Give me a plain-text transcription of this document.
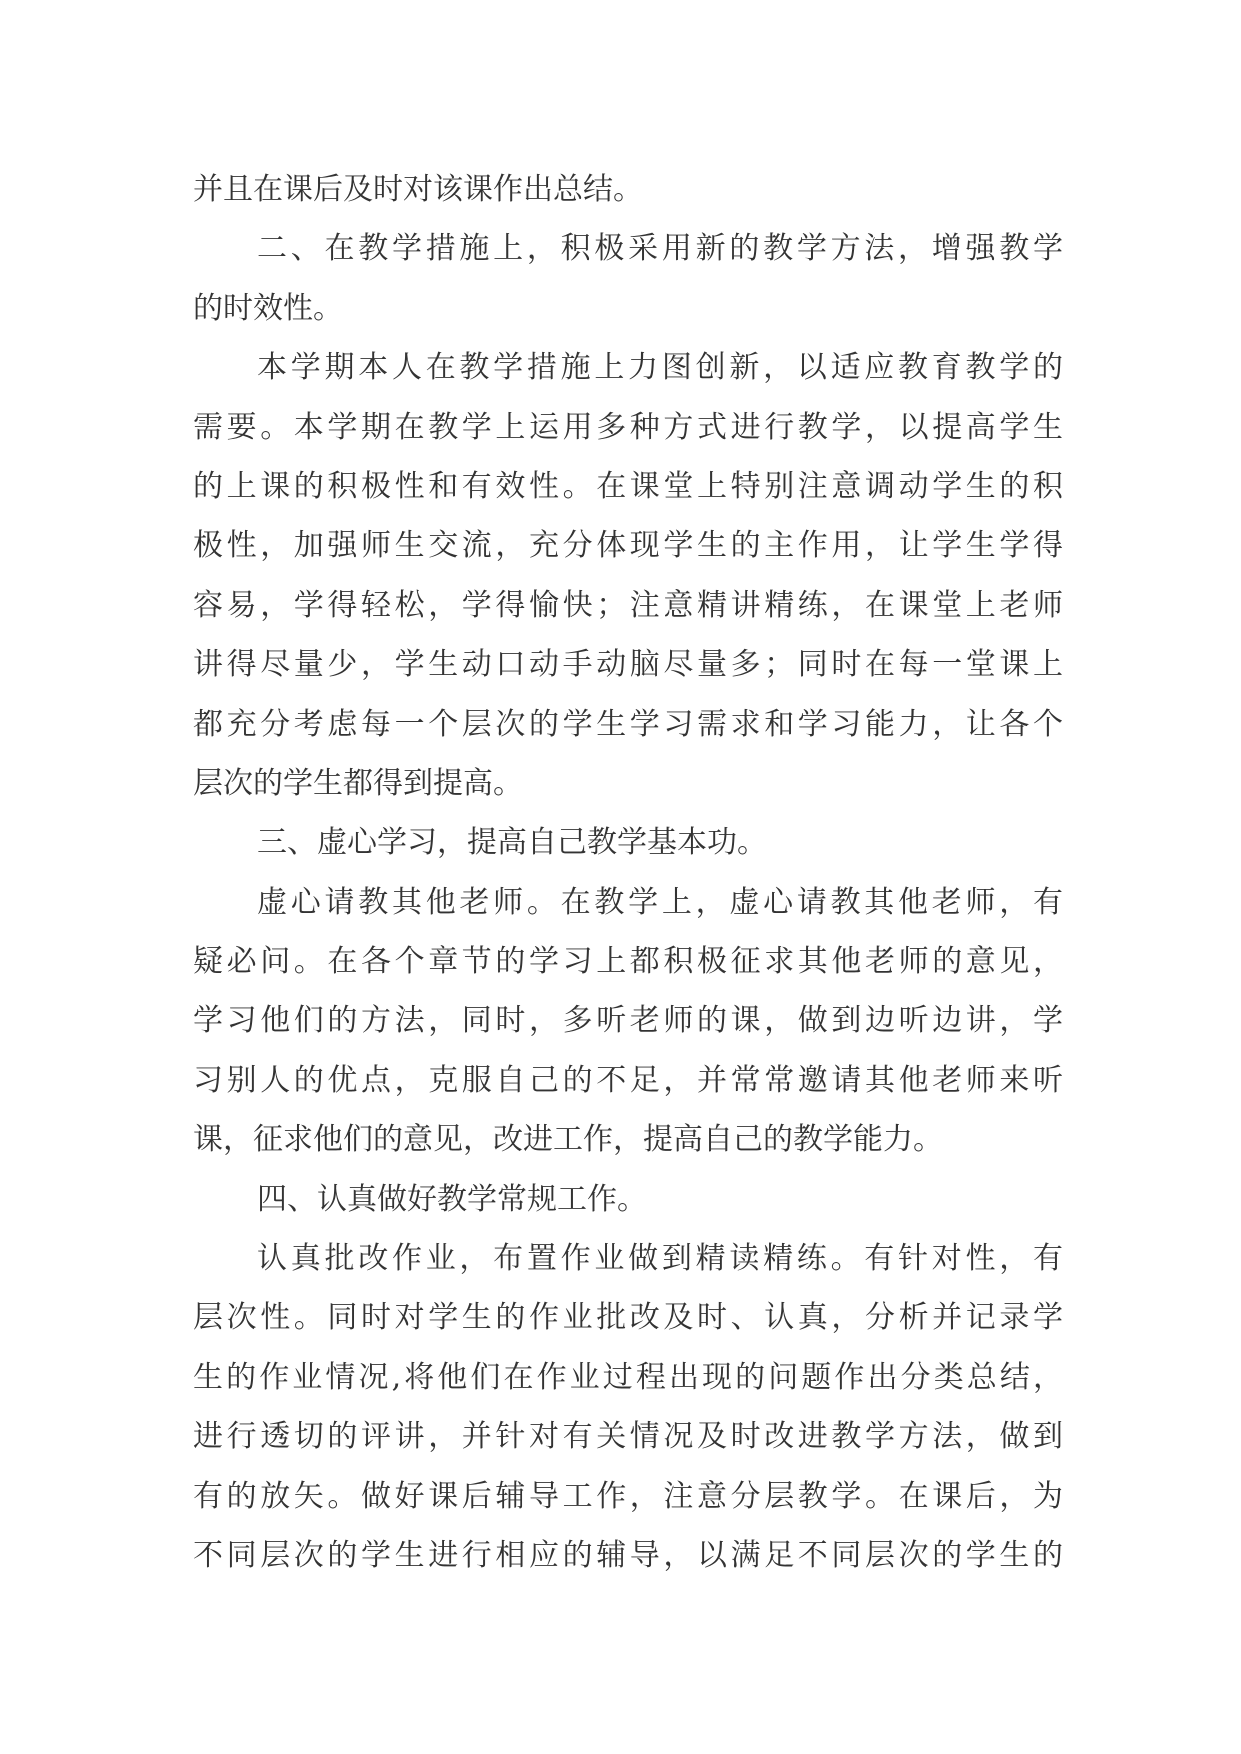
并且在课后及时对该课作出总结。
二、在教学措施上，积极采用新的教学方法，增强教学
的时效性。
本学期本人在教学措施上力图创新，以适应教育教学的
需要。本学期在教学上运用多种方式进行教学，以提高学生
的上课的积极性和有效性。在课堂上特别注意调动学生的积
极性，加强师生交流，充分体现学生的主作用，让学生学得
容易，学得轻松，学得愉快；注意精讲精练，在课堂上老师
讲得尽量少，学生动口动手动脑尽量多；同时在每一堂课上
都充分考虑每一个层次的学生学习需求和学习能力，让各个
层次的学生都得到提高。
三、虚心学习，提高自己教学基本功。
虚心请教其他老师。在教学上，虚心请教其他老师，有
疑必问。在各个章节的学习上都积极征求其他老师的意见，
学习他们的方法，同时，多听老师的课，做到边听边讲，学
习别人的优点，克服自己的不足，并常常邀请其他老师来听
课，征求他们的意见，改进工作，提高自己的教学能力。
四、认真做好教学常规工作。
认真批改作业，布置作业做到精读精练。有针对性，有
层次性。同时对学生的作业批改及时、认真，分析并记录学
生的作业情况,将他们在作业过程出现的问题作出分类总结，
进行透切的评讲，并针对有关情况及时改进教学方法，做到
有的放矢。做好课后辅导工作，注意分层教学。在课后，为
不同层次的学生进行相应的辅导，以满足不同层次的学生的
